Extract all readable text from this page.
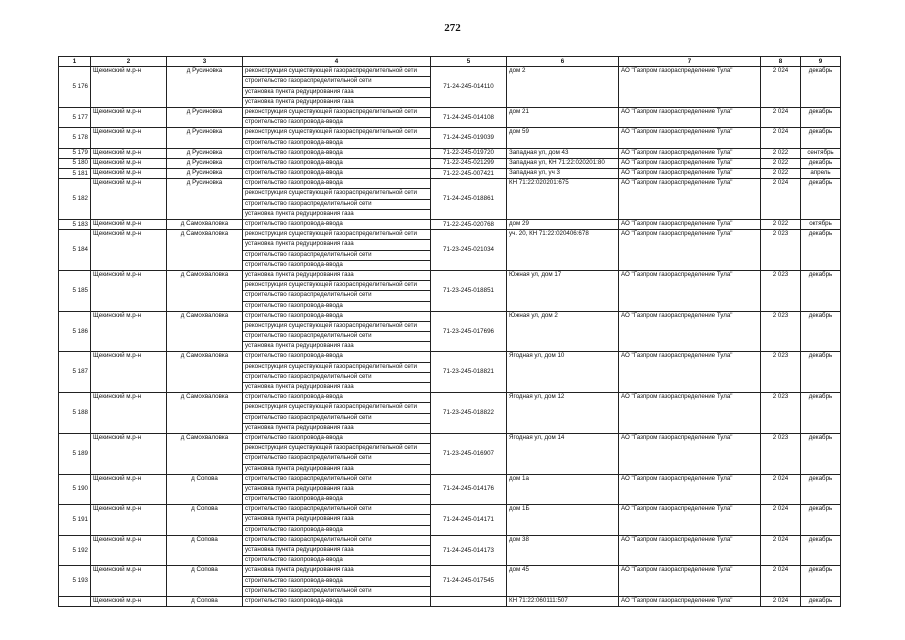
272
1	2	3	4	5	6	7	8	9
5 176	Щекинский м.р-н	д Русиновка	реконструкция существующей газораспределительной сети	71-24-245-014110	дом 2	АО "Газпром газораспределение Тула"	2 024	декабрь
			строительство газораспределительной сети					
			установка пункта редуцирования газа					
			установка пункта редуцирования газа					
5 177	Щекинский м.р-н	д Русиновка	реконструкция существующей газораспределительной сети	71-24-245-014108	дом 21	АО "Газпром газораспределение Тула"	2 024	декабрь
			строительство газопровода-ввода					
5 178	Щекинский м.р-н	д Русиновка	реконструкция существующей газораспределительной сети	71-24-245-019039	дом 59	АО "Газпром газораспределение Тула"	2 024	декабрь
			строительство газопровода-ввода					
5 179	Щекинский м.р-н	д Русиновка	строительство газопровода-ввода	71-22-245-019720	Западная ул, дом 43	АО "Газпром газораспределение Тула"	2 022	сентябрь
5 180	Щекинский м.р-н	д Русиновка	строительство газопровода-ввода	71-22-245-021299	Западная ул, КН 71:22:020201:80	АО "Газпром газораспределение Тула"	2 022	декабрь
5 181	Щекинский м.р-н	д Русиновка	строительство газопровода-ввода	71-22-245-007421	Западная ул, уч 3	АО "Газпром газораспределение Тула"	2 022	апрель
5 182	Щекинский м.р-н	д Русиновка	строительство газопровода-ввода	71-24-245-018861	КН 71:22:020201:675	АО "Газпром газораспределение Тула"	2 024	декабрь
			реконструкция существующей газораспределительной сети					
			строительство газораспределительной сети					
			установка пункта редуцирования газа					
5 183	Щекинский м.р-н	д Самохваловка	строительство газопровода-ввода	71-22-245-020768	дом 29	АО "Газпром газораспределение Тула"	2 022	октябрь
5 184	Щекинский м.р-н	д Самохваловка	реконструкция существующей газораспределительной сети	71-23-245-021034	уч. 20, КН 71:22:020406:678	АО "Газпром газораспределение Тула"	2 023	декабрь
			установка пункта редуцирования газа					
			строительство газораспределительной сети					
			строительство газопровода-ввода					
5 185	Щекинский м.р-н	д Самохваловка	установка пункта редуцирования газа	71-23-245-018851	Южная ул, дом 17	АО "Газпром газораспределение Тула"	2 023	декабрь
			реконструкция существующей газораспределительной сети					
			строительство газораспределительной сети					
			строительство газопровода-ввода					
5 186	Щекинский м.р-н	д Самохваловка	строительство газопровода-ввода	71-23-245-017696	Южная ул, дом 2	АО "Газпром газораспределение Тула"	2 023	декабрь
			реконструкция существующей газораспределительной сети					
			строительство газораспределительной сети					
			установка пункта редуцирования газа					
5 187	Щекинский м.р-н	д Самохваловка	строительство газопровода-ввода	71-23-245-018821	Ягодная ул, дом 10	АО "Газпром газораспределение Тула"	2 023	декабрь
			реконструкция существующей газораспределительной сети					
			строительство газораспределительной сети					
			установка пункта редуцирования газа					
5 188	Щекинский м.р-н	д Самохваловка	строительство газопровода-ввода	71-23-245-018822	Ягодная ул, дом 12	АО "Газпром газораспределение Тула"	2 023	декабрь
			реконструкция существующей газораспределительной сети					
			строительство газораспределительной сети					
			установка пункта редуцирования газа					
5 189	Щекинский м.р-н	д Самохваловка	строительство газопровода-ввода	71-23-245-016907	Ягодная ул, дом 14	АО "Газпром газораспределение Тула"	2 023	декабрь
			реконструкция существующей газораспределительной сети					
			строительство газораспределительной сети					
			установка пункта редуцирования газа					
5 190	Щекинский м.р-н	д Сопова	строительство газораспределительной сети	71-24-245-014176	дом 1а	АО "Газпром газораспределение Тула"	2 024	декабрь
			установка пункта редуцирования газа					
			строительство газопровода-ввода					
5 191	Щекинский м.р-н	д Сопова	строительство газораспределительной сети	71-24-245-014171	дом 1Б	АО "Газпром газораспределение Тула"	2 024	декабрь
			установка пункта редуцирования газа					
			строительство газопровода-ввода					
5 192	Щекинский м.р-н	д Сопова	строительство газораспределительной сети	71-24-245-014173	дом 38	АО "Газпром газораспределение Тула"	2 024	декабрь
			установка пункта редуцирования газа					
			строительство газопровода-ввода					
5 193	Щекинский м.р-н	д Сопова	установка пункта редуцирования газа	71-24-245-017545	дом 45	АО "Газпром газораспределение Тула"	2 024	декабрь
			строительство газопровода-ввода					
			строительство газораспределительной сети					
	Щекинский м.р-н	д Сопова	строительство газопровода-ввода		КН 71:22:060111:507	АО "Газпром газораспределение Тула"	2 024	декабрь
